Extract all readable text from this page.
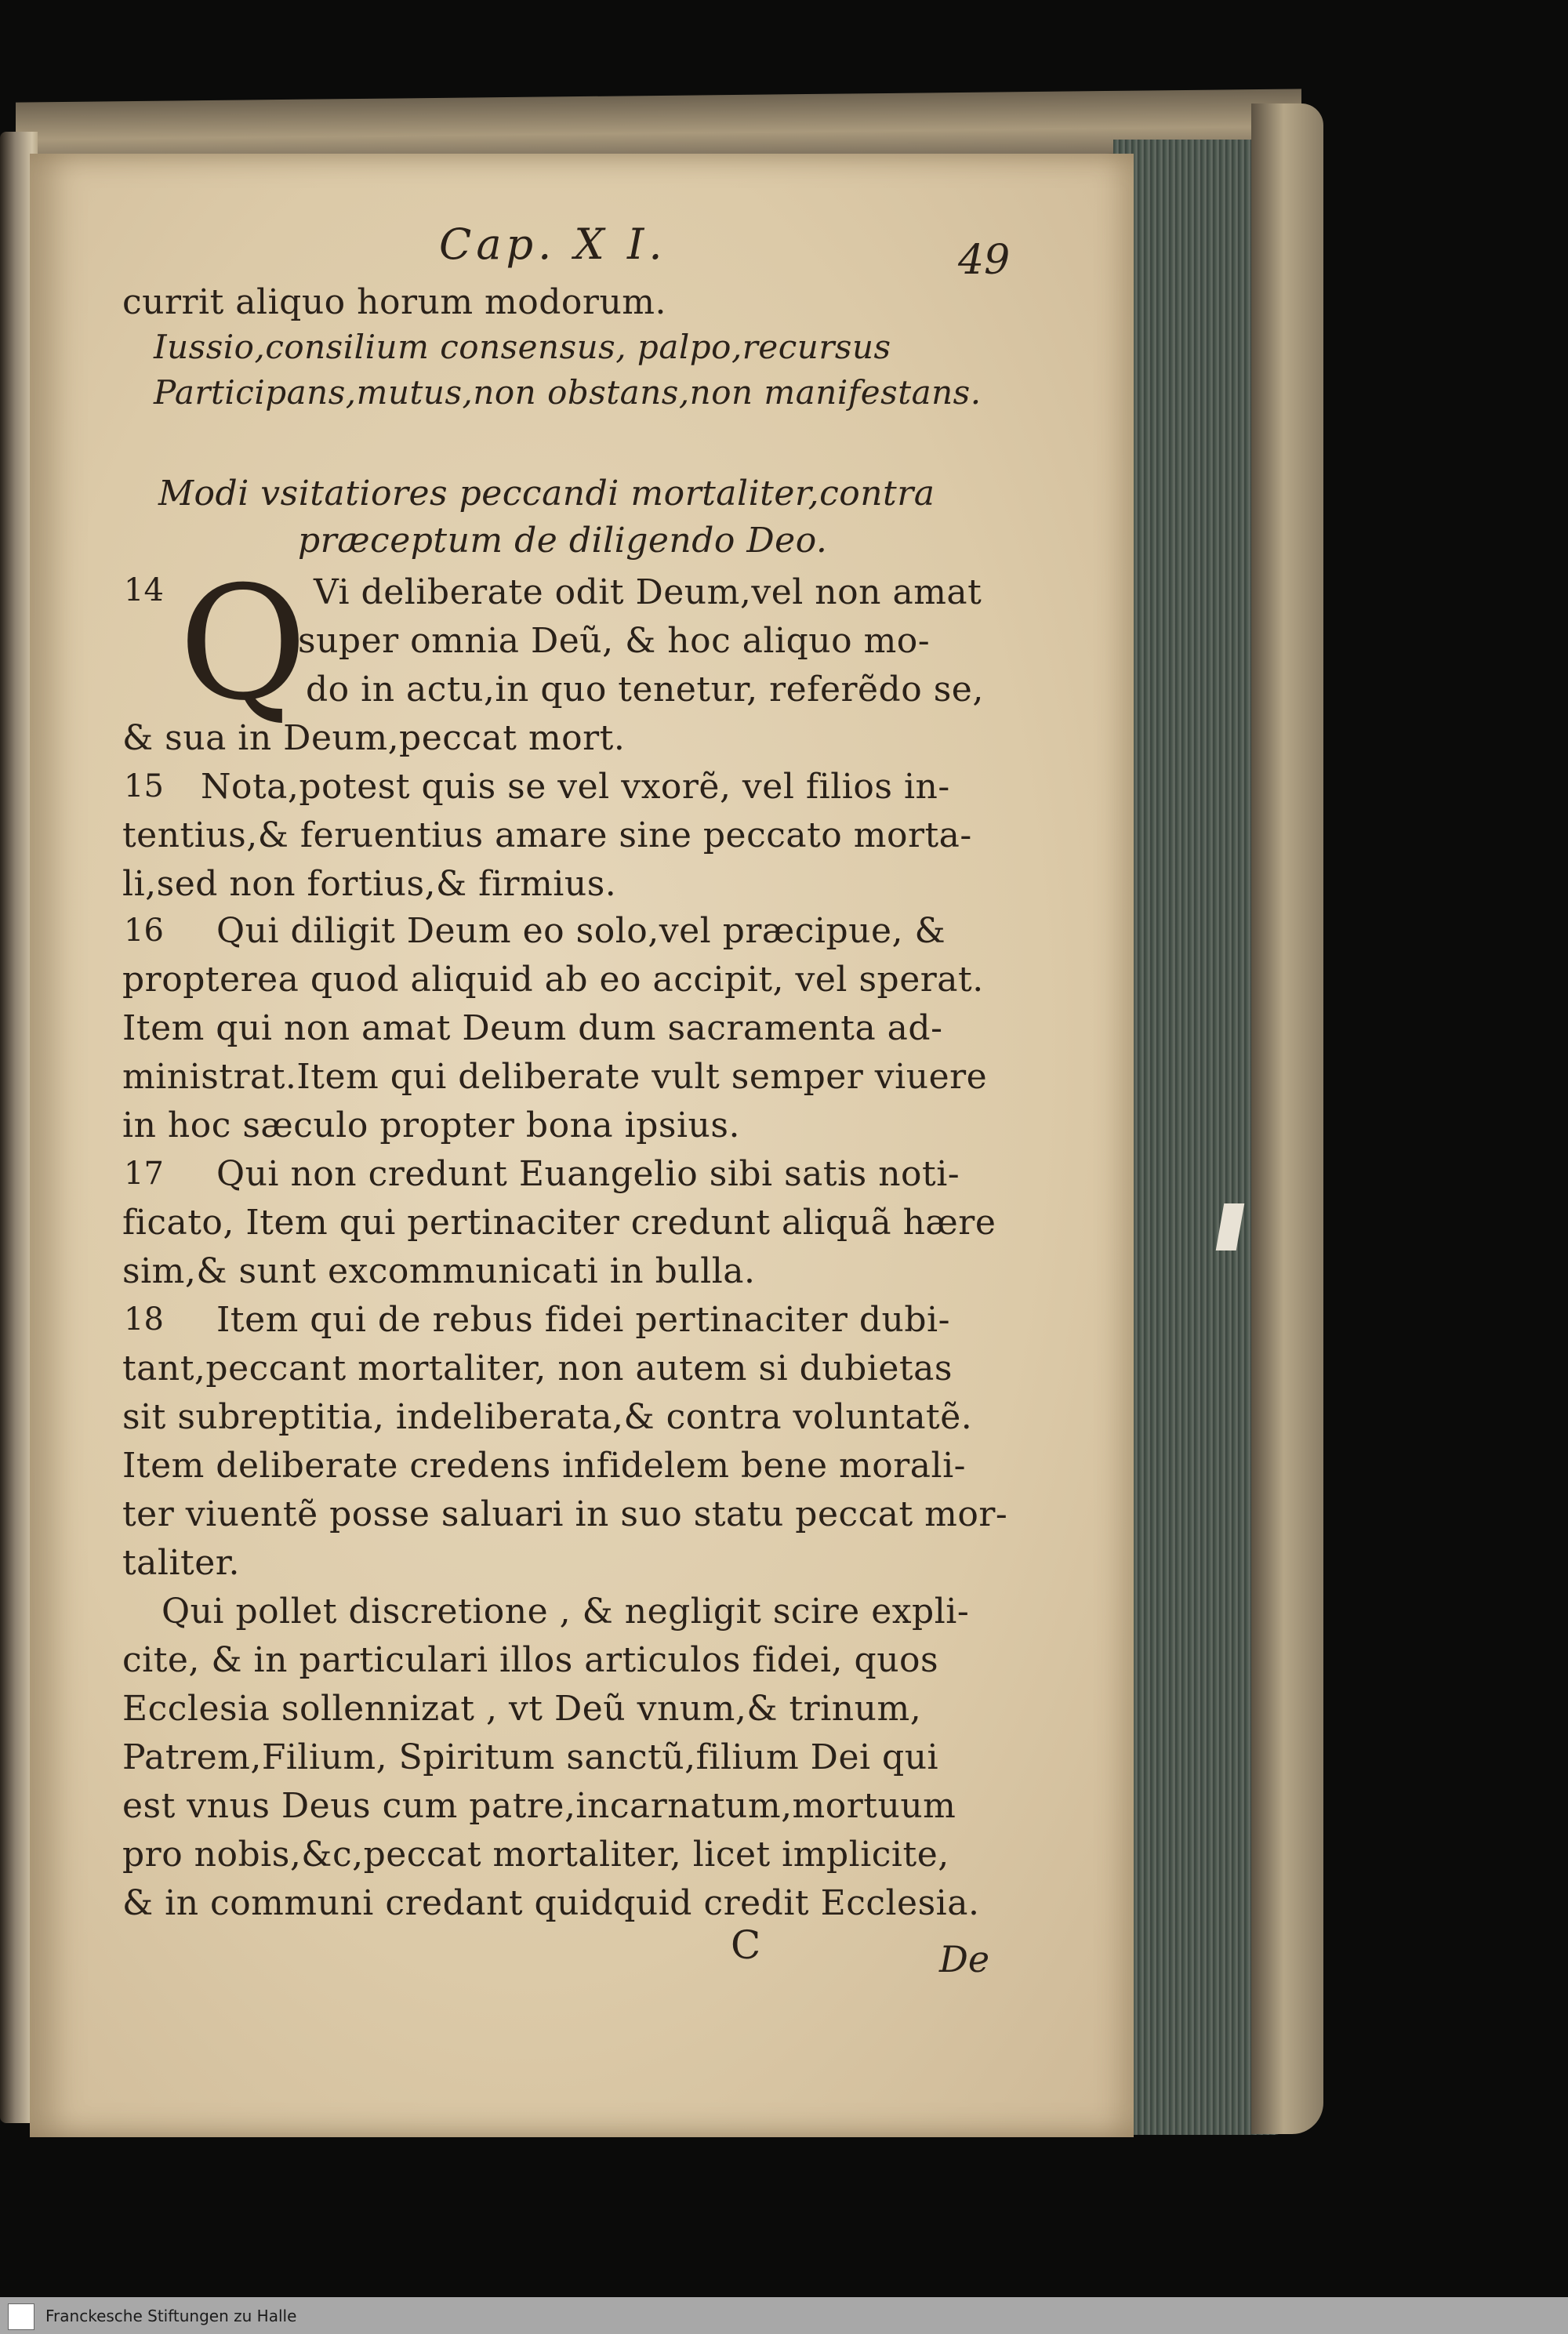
Cap. X I.	49
currit aliquo horum modorum.
Iussio,consilium consensus, palpo,recursus
Participans,mutus,non obstans,non manifestans.
Modi vsitatiores peccandi mortaliter,contra
præceptum de diligendo Deo.
14 Q Vi deliberate odit Deum,vel non amat
super omnia Deũ, & hoc aliquo mo-
do in actu,in quo tenetur, referẽdo se,
& sua in Deum,peccat mort.
15 Nota,potest quis se vel vxorẽ, vel filios in-
tentius,& feruentius amare sine peccato morta-
li,sed non fortius,& firmius.
16 Qui diligit Deum eo solo,vel præcipue, &
propterea quod aliquid ab eo accipit, vel sperat.
Item qui non amat Deum dum sacramenta ad-
ministrat.Item qui deliberate vult semper viuere
in hoc sæculo propter bona ipsius.
17 Qui non credunt Euangelio sibi satis noti-
ficato, Item qui pertinaciter credunt aliquã hære
sim,& sunt excommunicati in bulla.
18 Item qui de rebus fidei pertinaciter dubi-
tant,peccant mortaliter, non autem si dubietas
sit subreptitia, indeliberata,& contra voluntatẽ.
Item deliberate credens infidelem bene morali-
ter viuentẽ posse saluari in suo statu peccat mor-
taliter.
Qui pollet discretione , & negligit scire expli-
cite, & in particulari illos articulos fidei, quos
Ecclesia sollennizat , vt Deũ vnum,& trinum,
Patrem,Filium, Spiritum sanctũ,filium Dei qui
est vnus Deus cum patre,incarnatum,mortuum
pro nobis,&c,peccat mortaliter, licet implicite,
& in communi credant quidquid credit Ecclesia.
C	De
Franckesche Stiftungen zu Halle
